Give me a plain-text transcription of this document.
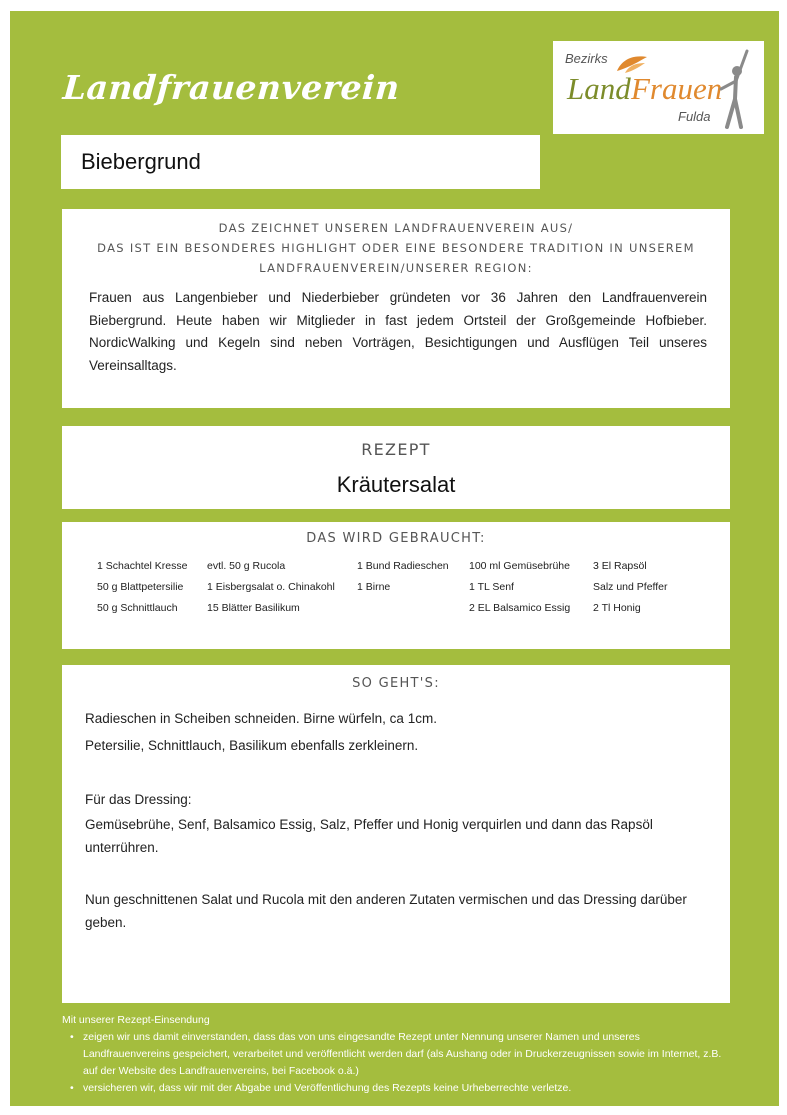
Landfrauenverein
Bezirks
Land Frauen
Fulda
Biebergrund
DAS ZEICHNET UNSEREN LANDFRAUENVEREIN AUS/
DAS IST EIN BESONDERES HIGHLIGHT ODER EINE BESONDERE TRADITION IN UNSEREM
LANDFRAUENVEREIN/UNSERER REGION:

Frauen aus Langenbieber und Niederbieber gründeten vor 36 Jahren den Landfrauenverein Biebergrund. Heute haben wir Mitglieder in fast jedem Ortsteil der Großgemeinde Hofbieber. NordicWalking und Kegeln sind neben Vorträgen, Besichtigungen und Ausflügen Teil unseres Vereinsalltags.

REZEPT
Kräutersalat
DAS WIRD GEBRAUCHT:
1 Schachtel Kresse
50 g Blattpetersilie
50 g Schnittlauch
evtl. 50 g Rucola
1 Eisbergsalat o. Chinakohl
15 Blätter Basilikum
1 Bund Radieschen
1 Birne
100 ml Gemüsebrühe
1 TL Senf
2 EL Balsamico Essig
3 El Rapsöl
Salz und Pfeffer
2 Tl Honig
SO GEHT'S:

Radieschen in Scheiben schneiden. Birne würfeln, ca 1cm.

Petersilie, Schnittlauch, Basilikum ebenfalls zerkleinern.

Für das Dressing:

Gemüsebrühe, Senf, Balsamico Essig, Salz, Pfeffer und Honig verquirlen und dann das Rapsöl unterrühren.

Nun geschnittenen Salat und Rucola mit den anderen Zutaten vermischen und das Dressing darüber geben.

Mit unserer Rezept-Einsendung
• zeigen wir uns damit einverstanden, dass das von uns eingesandte Rezept unter Nennung unserer Namen und unseres Landfrauenvereins gespeichert, verarbeitet und veröffentlicht werden darf (als Aushang oder in Druckerzeugnissen sowie im Internet, z.B. auf der Website des Landfrauenvereins, bei Facebook o.ä.)
• versicheren wir, dass wir mit der Abgabe und Veröffentlichung des Rezepts keine Urheberrechte verletze.
